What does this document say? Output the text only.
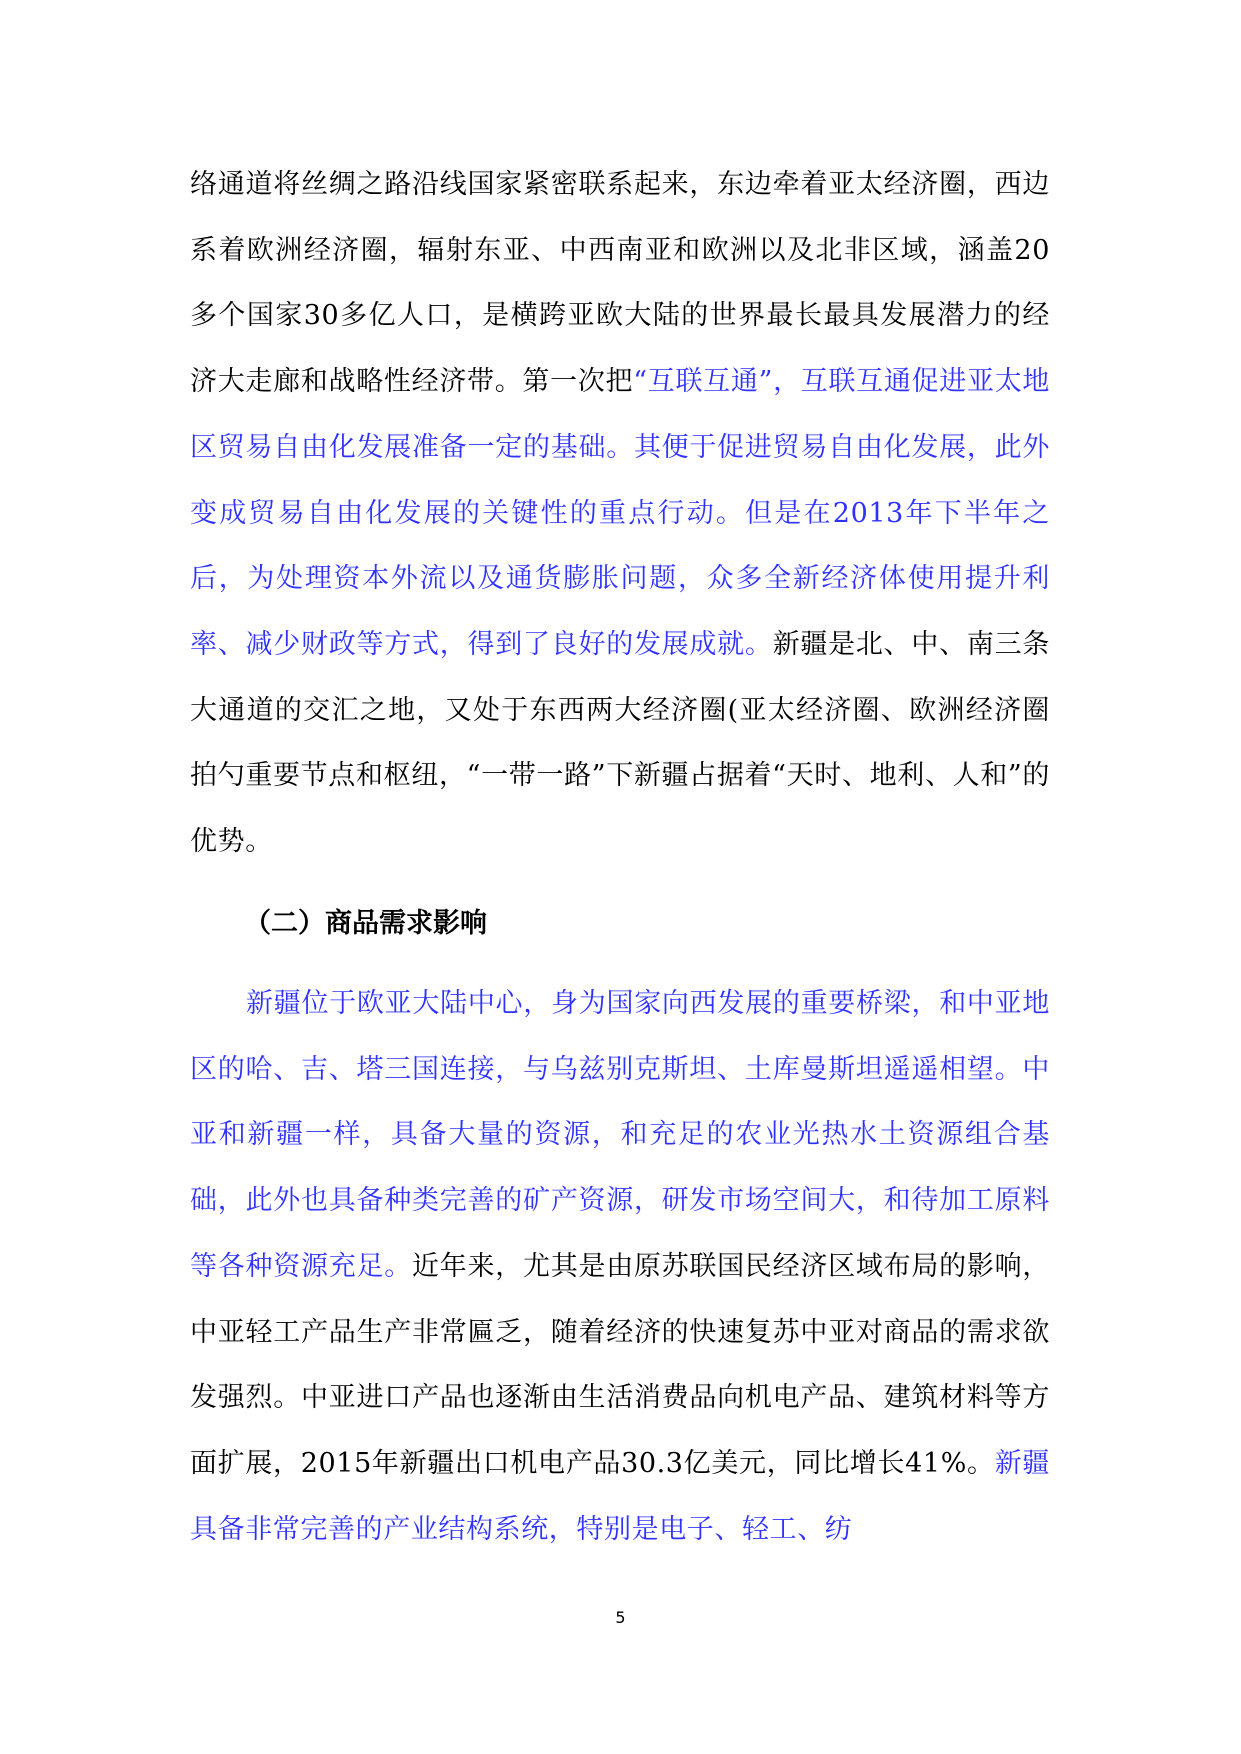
络通道将丝绸之路沿线国家紧密联系起来，东边牵着亚太经济圈，西边系着欧洲经济圈，辐射东亚、中西南亚和欧洲以及北非区域，涵盖20多个国家30多亿人口，是横跨亚欧大陆的世界最长最具发展潜力的经济大走廊和战略性经济带。第一次把“互联互通”，互联互通促进亚太地区贸易自由化发展准备一定的基础。其便于促进贸易自由化发展，此外变成贸易自由化发展的关键性的重点行动。但是在2013年下半年之后，为处理资本外流以及通货膨胀问题，众多全新经济体使用提升利率、减少财政等方式，得到了良好的发展成就。新疆是北、中、南三条大通道的交汇之地，又处于东西两大经济圈(亚太经济圈、欧洲经济圈拍勺重要节点和枢纽，“一带一路”下新疆占据着“天时、地利、人和”的优势。

（二）商品需求影响

新疆位于欧亚大陆中心，身为国家向西发展的重要桥梁，和中亚地区的哈、吉、塔三国连接，与乌兹别克斯坦、土库曼斯坦遥遥相望。中亚和新疆一样，具备大量的资源，和充足的农业光热水土资源组合基础，此外也具备种类完善的矿产资源，研发市场空间大，和待加工原料等各种资源充足。近年来，尤其是由原苏联国民经济区域布局的影响，中亚轻工产品生产非常匾乏，随着经济的快速复苏中亚对商品的需求欲发强烈。中亚进口产品也逐渐由生活消费品向机电产品、建筑材料等方面扩展，2015年新疆出口机电产品30.3亿美元，同比增长41%。新疆具备非常完善的产业结构系统，特别是电子、轻工、纺

5
